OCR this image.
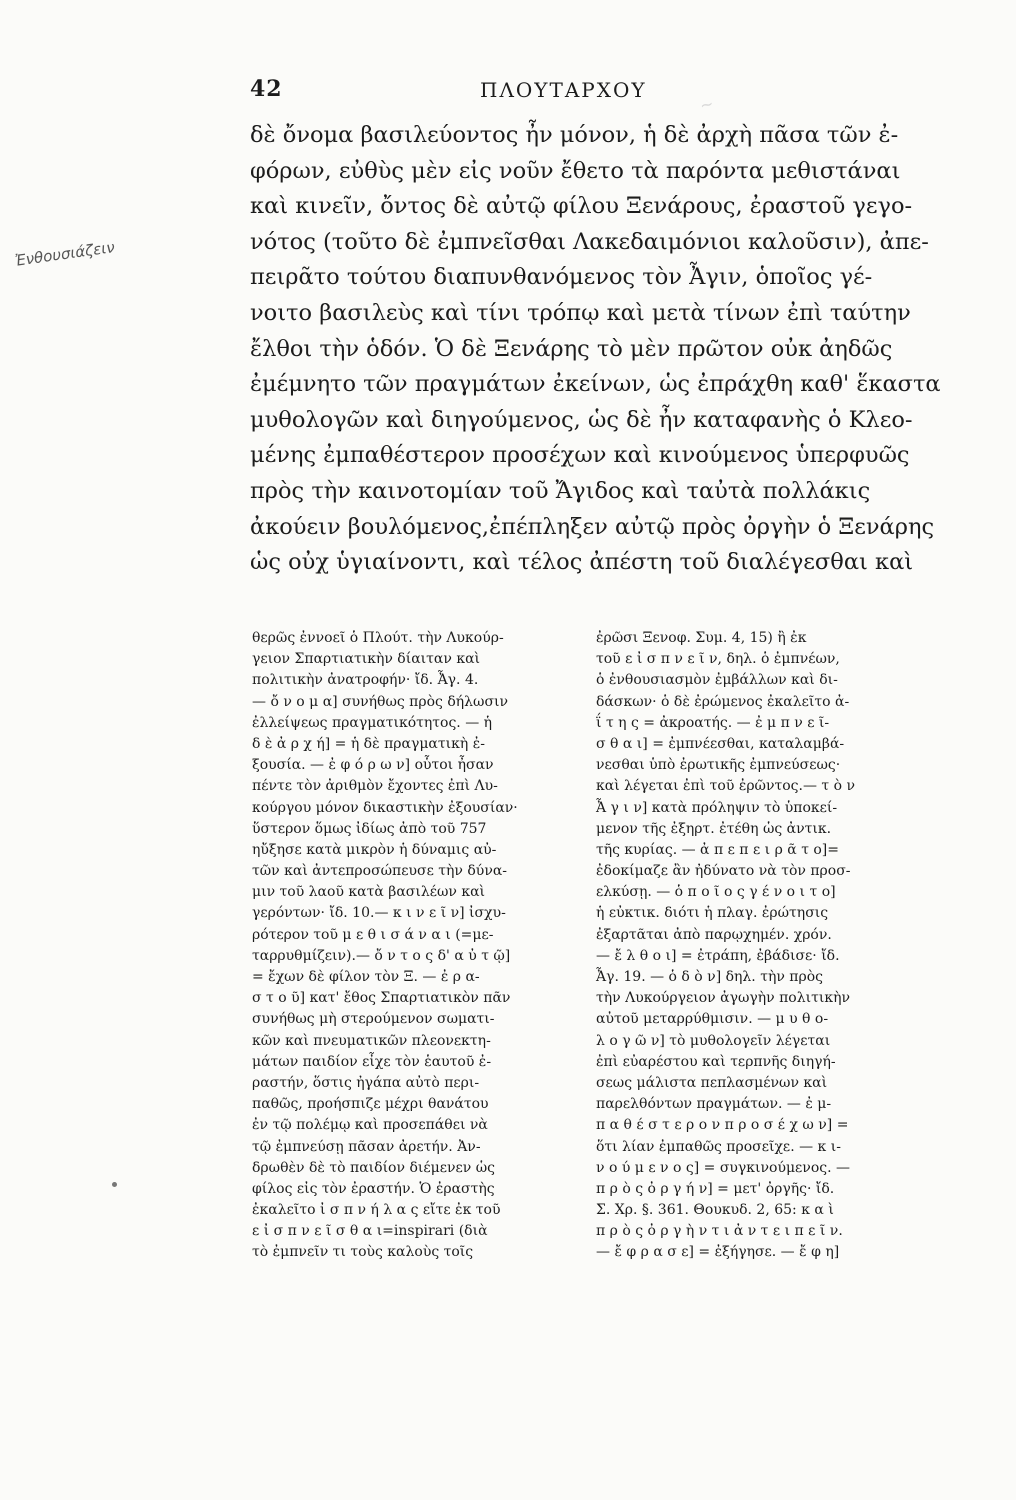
42	ΠΛΟΥΤΑΡΧΟΥ
Ἐνθουσιάζειν
δὲ ὄνομα βασιλεύοντος ἦν μόνον, ἡ δὲ ἀρχὴ πᾶσα τῶν ἐ-
φόρων, εὐθὺς μὲν εἰς νοῦν ἔθετο τὰ παρόντα μεθιστάναι
καὶ κινεῖν, ὄντος δὲ αὐτῷ φίλου Ξενάρους, ἐραστοῦ γεγο-
νότος (τοῦτο δὲ ἐμπνεῖσθαι Λακεδαιμόνιοι καλοῦσιν), ἀπε-
πειρᾶτο τούτου διαπυνθανόμενος τὸν Ἆγιν, ὁποῖος γέ-
νοιτο βασιλεὺς καὶ τίνι τρόπῳ καὶ μετὰ τίνων ἐπὶ ταύτην
ἔλθοι τὴν ὁδόν. Ὁ δὲ Ξενάρης τὸ μὲν πρῶτον οὐκ ἀηδῶς
ἐμέμνητο τῶν πραγμάτων ἐκείνων, ὡς ἐπράχθη καθ' ἕκαστα
μυθολογῶν καὶ διηγούμενος, ὡς δὲ ἦν καταφανὴς ὁ Κλεο-
μένης ἐμπαθέστερον προσέχων καὶ κινούμενος ὑπερφυῶς
πρὸς τὴν καινοτομίαν τοῦ Ἄγιδος καὶ ταὐτὰ πολλάκις
ἀκούειν βουλόμενος,ἐπέπληξεν αὐτῷ πρὸς ὀργὴν ὁ Ξενάρης
ὡς οὐχ ὑγιαίνοντι, καὶ τέλος ἀπέστη τοῦ διαλέγεσθαι καὶ
θερῶς ἐννοεῖ ὁ Πλούτ. τὴν Λυκούρ-
γειον Σπαρτιατικὴν δίαιταν καὶ
πολιτικὴν ἀνατροφήν· ἴδ. Ἆγ. 4.
— ὄ ν ο μ α] συνήθως πρὸς δήλωσιν
ἐλλείψεως πραγματικότητος. — ἡ
δ ὲ ἀ ρ χ ή] = ἡ δὲ πραγματικὴ ἐ-
ξουσία. — ἐ φ ό ρ ω ν] οὗτοι ἦσαν
πέντε τὸν ἀριθμὸν ἔχοντες ἐπὶ Λυ-
κούργου μόνον δικαστικὴν ἐξουσίαν·
ὕστερον ὅμως ἰδίως ἀπὸ τοῦ 757
ηὔξησε κατὰ μικρὸν ἡ δύναμις αὐ-
τῶν καὶ ἀντεπροσώπευσε τὴν δύνα-
μιν τοῦ λαοῦ κατὰ βασιλέων καὶ
γερόντων· ἴδ. 10.— κ ι ν ε ῖ ν] ἰσχυ-
ρότερον τοῦ μ ε θ ι σ ά ν α ι (=με-
ταρρυθμίζειν).— ὄ ν τ ο ς δ' α ὐ τ ῷ]
= ἔχων δὲ φίλον τὸν Ξ. — ἐ ρ α-
σ τ ο ῦ] κατ' ἔθος Σπαρτιατικὸν πᾶν
συνήθως μὴ στερούμενον σωματι-
κῶν καὶ πνευματικῶν πλεονεκτη-
μάτων παιδίον εἶχε τὸν ἑαυτοῦ ἐ-
ραστήν, ὅστις ἠγάπα αὐτὸ περι-
παθῶς, προήσπιζε μέχρι θανάτου
ἐν τῷ πολέμῳ καὶ προσεπάθει νὰ
τῷ ἐμπνεύσῃ πᾶσαν ἀρετήν. Ἀν-
δρωθὲν δὲ τὸ παιδίον διέμενεν ὡς
φίλος εἰς τὸν ἐραστήν. Ὁ ἐραστὴς
ἐκαλεῖτο ἰ σ π ν ή λ α ς εἴτε ἐκ τοῦ
ε ἰ σ π ν ε ῖ σ θ α ι=inspirari (διὰ
τὸ ἐμπνεῖν τι τοὺς καλοὺς τοῖς
ἐρῶσι Ξενοφ. Συμ. 4, 15) ἢ ἐκ
τοῦ ε ἰ σ π ν ε ῖ ν, δηλ. ὁ ἐμπνέων,
ὁ ἐνθουσιασμὸν ἐμβάλλων καὶ δι-
δάσκων· ὁ δὲ ἐρώμενος ἐκαλεῖτο ἀ-
ΐ τ η ς = ἀκροατής. — ἐ μ π ν ε ῖ-
σ θ α ι] = ἐμπνέεσθαι, καταλαμβά-
νεσθαι ὑπὸ ἐρωτικῆς ἐμπνεύσεως·
καὶ λέγεται ἐπὶ τοῦ ἐρῶντος.— τ ὸ ν
Ἆ γ ι ν] κατὰ πρόληψιν τὸ ὑποκεί-
μενον τῆς ἐξηρτ. ἐτέθη ὡς ἀντικ.
τῆς κυρίας. — ἀ π ε π ε ι ρ ᾶ τ ο]=
ἐδοκίμαζε ἂν ἠδύνατο νὰ τὸν προσ-
ελκύσῃ. — ὁ π ο ῖ ο ς γ έ ν ο ι τ ο]
ἡ εὐκτικ. διότι ἡ πλαγ. ἐρώτησις
ἐξαρτᾶται ἀπὸ παρῳχημέν. χρόν.
— ἔ λ θ ο ι] = ἐτράπη, ἐβάδισε· ἴδ.
Ἆγ. 19. — ὁ δ ὸ ν] δηλ. τὴν πρὸς
τὴν Λυκούργειον ἀγωγὴν πολιτικὴν
αὐτοῦ μεταρρύθμισιν. — μ υ θ ο-
λ ο γ ῶ ν] τὸ μυθολογεῖν λέγεται
ἐπὶ εὐαρέστου καὶ τερπνῆς διηγή-
σεως μάλιστα πεπλασμένων καὶ
παρελθόντων πραγμάτων. — ἐ μ-
π α θ έ σ τ ε ρ ο ν π ρ ο σ έ χ ω ν] =
ὅτι λίαν ἐμπαθῶς προσεῖχε. — κ ι-
ν ο ύ μ ε ν ο ς] = συγκινούμενος. —
π ρ ὸ ς ὀ ρ γ ή ν] = μετ' ὀργῆς· ἴδ.
Σ. Χρ. §. 361. Θουκυδ. 2, 65: κ α ὶ
π ρ ὸ ς ὀ ρ γ ὴ ν τ ι ἀ ν τ ε ι π ε ῖ ν.
— ἔ φ ρ α σ ε] = ἐξήγησε. — ἔ φ η]
~
